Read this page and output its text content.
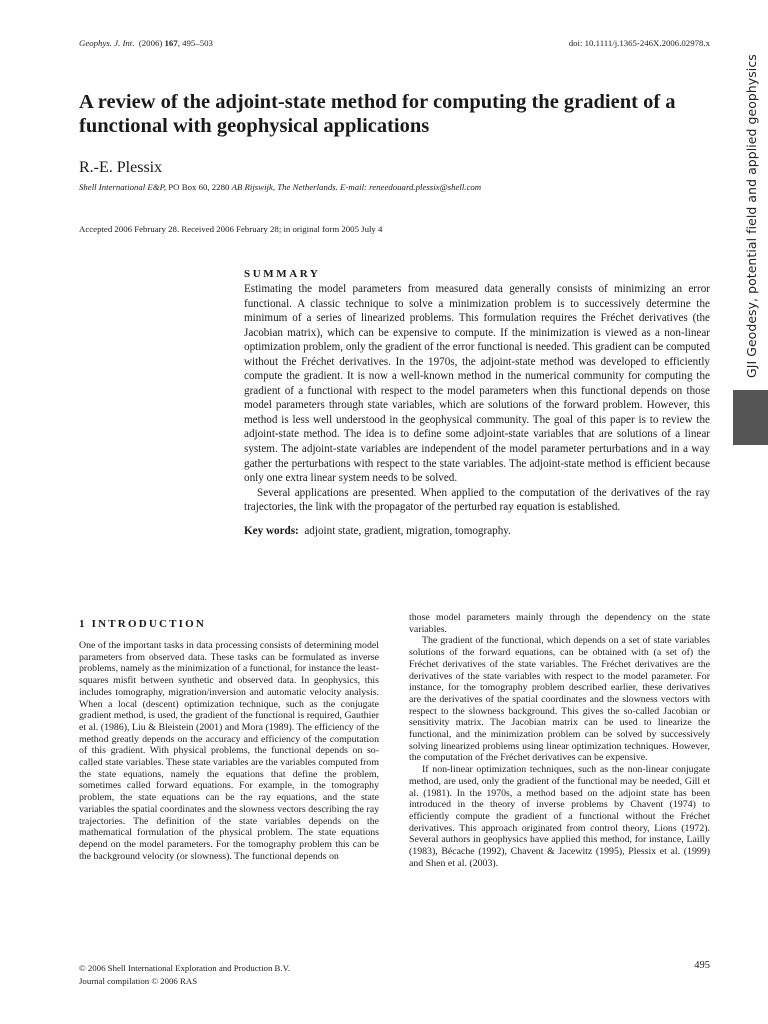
Geophys. J. Int. (2006) 167, 495–503	doi: 10.1111/j.1365-246X.2006.02978.x
GJI Geodesy, potential field and applied geophysics
A review of the adjoint-state method for computing the gradient of a functional with geophysical applications
R.-E. Plessix
Shell International E&P, PO Box 60, 2280 AB Rijswijk, The Netherlands. E-mail: reneedouard.plessix@shell.com
Accepted 2006 February 28. Received 2006 February 28; in original form 2005 July 4
SUMMARY

Estimating the model parameters from measured data generally consists of minimizing an error functional. A classic technique to solve a minimization problem is to successively determine the minimum of a series of linearized problems. This formulation requires the Fréchet derivatives (the Jacobian matrix), which can be expensive to compute. If the minimization is viewed as a non-linear optimization problem, only the gradient of the error functional is needed. This gradient can be computed without the Fréchet derivatives. In the 1970s, the adjoint-state method was developed to efficiently compute the gradient. It is now a well-known method in the numerical community for computing the gradient of a functional with respect to the model parameters when this functional depends on those model parameters through state variables, which are solutions of the forward problem. However, this method is less well understood in the geophysical community. The goal of this paper is to review the adjoint-state method. The idea is to define some adjoint-state variables that are solutions of a linear system. The adjoint-state variables are independent of the model parameter perturbations and in a way gather the perturbations with respect to the state variables. The adjoint-state method is efficient because only one extra linear system needs to be solved.

Several applications are presented. When applied to the computation of the derivatives of the ray trajectories, the link with the propagator of the perturbed ray equation is established.

Key words: adjoint state, gradient, migration, tomography.
1 INTRODUCTION

One of the important tasks in data processing consists of determining model parameters from observed data. These tasks can be formulated as inverse problems, namely as the minimization of a functional, for instance the least-squares misfit between synthetic and observed data. In geophysics, this includes tomography, migration/inversion and automatic velocity analysis. When a local (descent) optimization technique, such as the conjugate gradient method, is used, the gradient of the functional is required, Gauthier et al. (1986), Liu & Bleistein (2001) and Mora (1989). The efficiency of the method greatly depends on the accuracy and efficiency of the computation of this gradient. With physical problems, the functional depends on so-called state variables. These state variables are the variables computed from the state equations, namely the equations that define the problem, sometimes called forward equations. For example, in the tomography problem, the state equations can be the ray equations, and the state variables the spatial coordinates and the slowness vectors describing the ray trajectories. The definition of the state variables depends on the mathematical formulation of the physical problem. The state equations depend on the model parameters. For the tomography problem this can be the background velocity (or slowness). The functional depends on

those model parameters mainly through the dependency on the state variables.

The gradient of the functional, which depends on a set of state variables solutions of the forward equations, can be obtained with (a set of) the Fréchet derivatives of the state variables. The Fréchet derivatives are the derivatives of the state variables with respect to the model parameter. For instance, for the tomography problem described earlier, these derivatives are the derivatives of the spatial coordinates and the slowness vectors with respect to the slowness background. This gives the so-called Jacobian or sensitivity matrix. The Jacobian matrix can be used to linearize the functional, and the minimization problem can be solved by successively solving linearized problems using linear optimization techniques. However, the computation of the Fréchet derivatives can be expensive.

If non-linear optimization techniques, such as the non-linear conjugate method, are used, only the gradient of the functional may be needed, Gill et al. (1981). In the 1970s, a method based on the adjoint state has been introduced in the theory of inverse problems by Chavent (1974) to efficiently compute the gradient of a functional without the Fréchet derivatives. This approach originated from control theory, Lions (1972). Several authors in geophysics have applied this method, for instance, Lailly (1983), Bécache (1992), Chavent & Jacewitz (1995), Plessix et al. (1999) and Shen et al. (2003).

© 2006 Shell International Exploration and Production B.V.
Journal compilation © 2006 RAS
495
